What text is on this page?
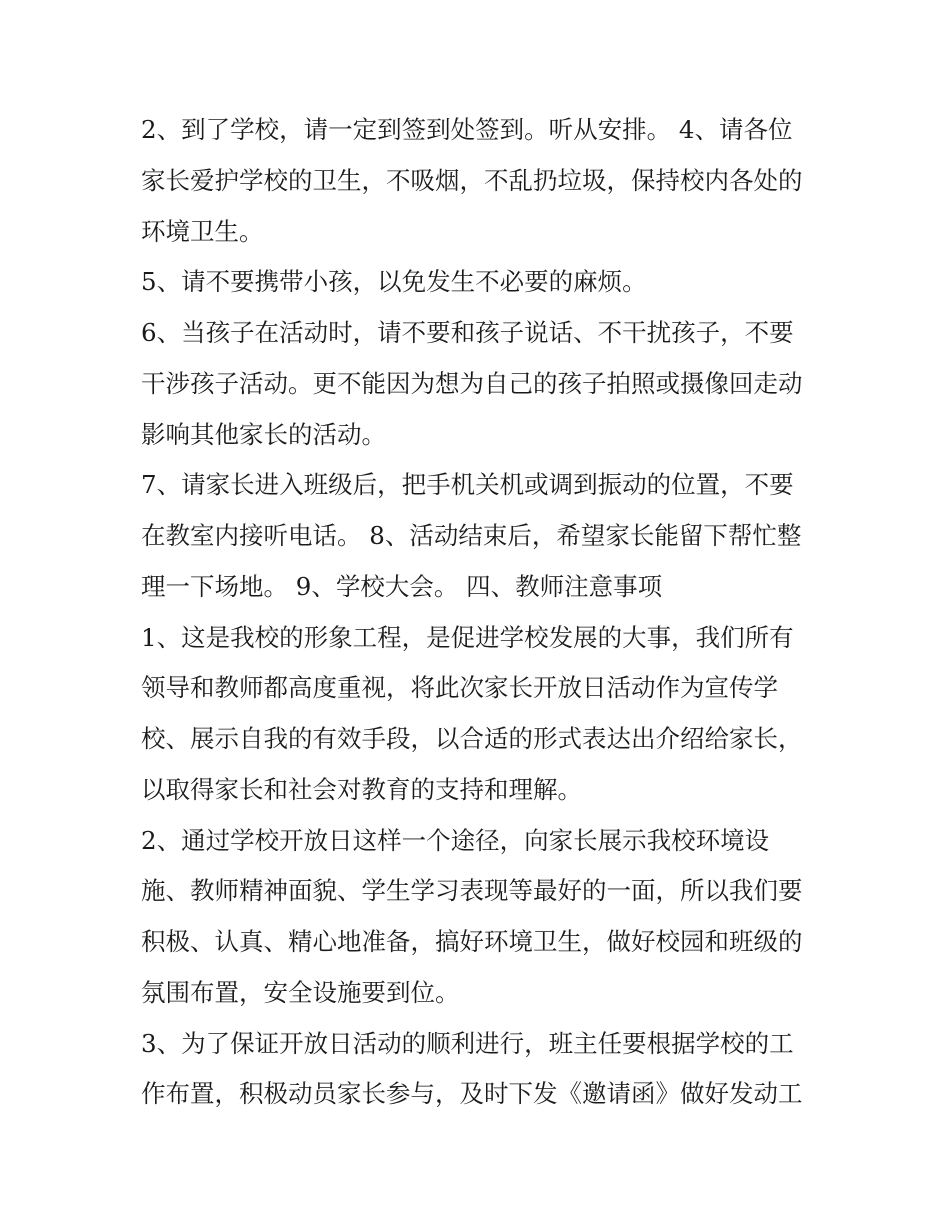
2、到了学校，请一定到签到处签到。听从安排。 4、请各位
家长爱护学校的卫生，不吸烟，不乱扔垃圾，保持校内各处的
环境卫生。
5、请不要携带小孩，以免发生不必要的麻烦。
6、当孩子在活动时，请不要和孩子说话、不干扰孩子，不要
干涉孩子活动。更不能因为想为自己的孩子拍照或摄像回走动
影响其他家长的活动。
7、请家长进入班级后，把手机关机或调到振动的位置，不要
在教室内接听电话。 8、活动结束后，希望家长能留下帮忙整
理一下场地。 9、学校大会。 四、教师注意事项
1、这是我校的形象工程，是促进学校发展的大事，我们所有
领导和教师都高度重视，将此次家长开放日活动作为宣传学
校、展示自我的有效手段，以合适的形式表达出介绍给家长，
以取得家长和社会对教育的支持和理解。
2、通过学校开放日这样一个途径，向家长展示我校环境设
施、教师精神面貌、学生学习表现等最好的一面，所以我们要
积极、认真、精心地准备，搞好环境卫生，做好校园和班级的
氛围布置，安全设施要到位。
3、为了保证开放日活动的顺利进行，班主任要根据学校的工
作布置，积极动员家长参与，及时下发《邀请函》做好发动工
